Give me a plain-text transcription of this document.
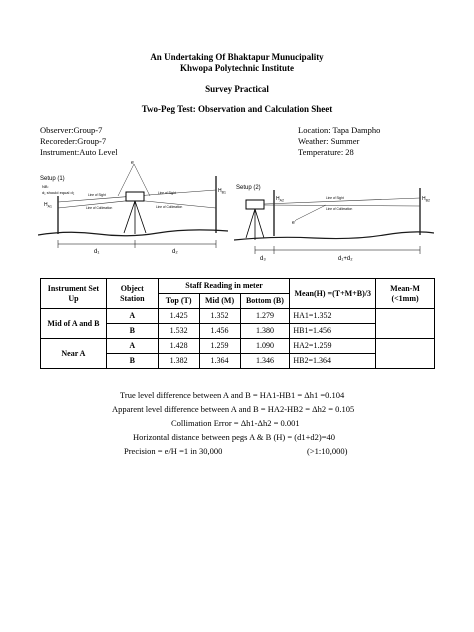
An Undertaking Of Bhaktapur Munucipality
Khwopa Polytechnic Institute
Survey Practical
Two-Peg Test: Observation and Calculation Sheet
Observer:Group-7
Recoreder:Group-7
Instrument:Auto Level
Location: Tapa Dampho
Weather: Summer
Temperature: 28
Setup (1)
NB:
d₁ should equal d₂
$H_{A1}$
$H_{B1}$
Line of Sight
Line of Collimation
Line of Sight
Line of Collimation
e
d₁	d₂
Setup (2)
$H_{A2}$	$H_{B2}$
Line of Sight
Line of Collimation
e'
d₃	d₁+d₂
Instrument Set Up	Object Station	Staff Reading in meter			Mean(H) =(T+M+B)/3	Mean-M (<1mm)
		Top (T)	Mid (M)	Bottom (B)		
Mid of A and B	A	1.425	1.352	1.279	HA1=1.352	
	B	1.532	1.456	1.380	HB1=1.456	
Near A	A	1.428	1.259	1.090	HA2=1.259	
	B	1.382	1.364	1.346	HB2=1.364	
True level difference between A and B = HA1-HB1 = Δh1 =0.104
Apparent level difference between A and B = HA2-HB2 = Δh2 = 0.105
Collimation Error = Δh1-Δh2 = 0.001
Horizontal distance between pegs A & B (H) = (d1+d2)=40
Precision = e/H =1 in 30,000	(>1:10,000)
